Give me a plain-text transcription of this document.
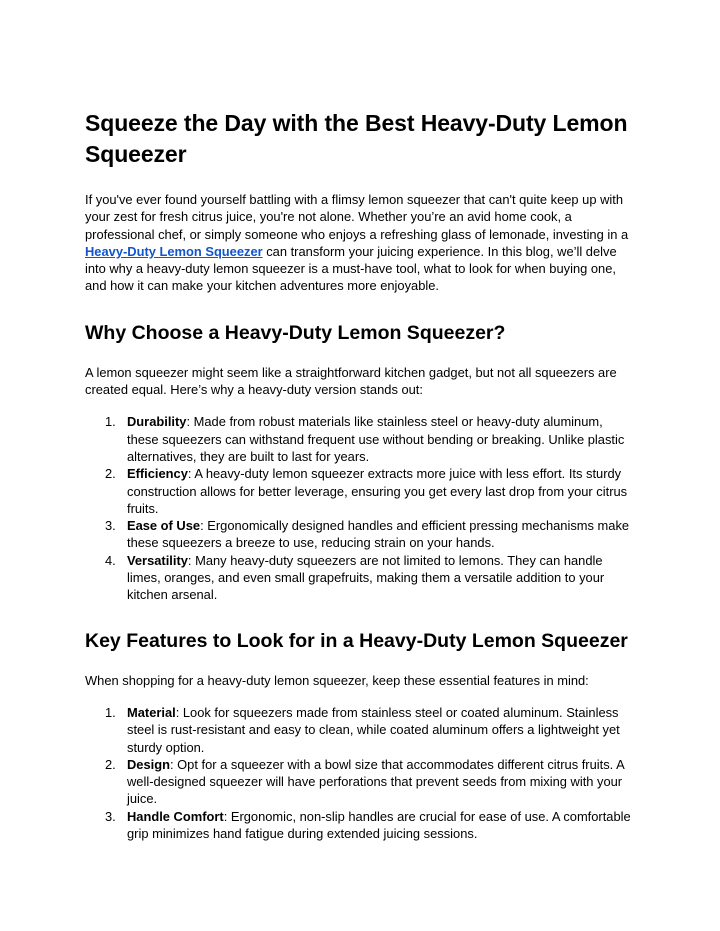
Squeeze the Day with the Best Heavy-Duty Lemon Squeezer

If you've ever found yourself battling with a flimsy lemon squeezer that can't quite keep up with your zest for fresh citrus juice, you're not alone. Whether you’re an avid home cook, a professional chef, or simply someone who enjoys a refreshing glass of lemonade, investing in a Heavy-Duty Lemon Squeezer can transform your juicing experience. In this blog, we’ll delve into why a heavy-duty lemon squeezer is a must-have tool, what to look for when buying one, and how it can make your kitchen adventures more enjoyable.

Why Choose a Heavy-Duty Lemon Squeezer?

A lemon squeezer might seem like a straightforward kitchen gadget, but not all squeezers are created equal. Here’s why a heavy-duty version stands out:

1. Durability: Made from robust materials like stainless steel or heavy-duty aluminum, these squeezers can withstand frequent use without bending or breaking. Unlike plastic alternatives, they are built to last for years.
2. Efficiency: A heavy-duty lemon squeezer extracts more juice with less effort. Its sturdy construction allows for better leverage, ensuring you get every last drop from your citrus fruits.
3. Ease of Use: Ergonomically designed handles and efficient pressing mechanisms make these squeezers a breeze to use, reducing strain on your hands.
4. Versatility: Many heavy-duty squeezers are not limited to lemons. They can handle limes, oranges, and even small grapefruits, making them a versatile addition to your kitchen arsenal.
Key Features to Look for in a Heavy-Duty Lemon Squeezer

When shopping for a heavy-duty lemon squeezer, keep these essential features in mind:

1. Material: Look for squeezers made from stainless steel or coated aluminum. Stainless steel is rust-resistant and easy to clean, while coated aluminum offers a lightweight yet sturdy option.
2. Design: Opt for a squeezer with a bowl size that accommodates different citrus fruits. A well-designed squeezer will have perforations that prevent seeds from mixing with your juice.
3. Handle Comfort: Ergonomic, non-slip handles are crucial for ease of use. A comfortable grip minimizes hand fatigue during extended juicing sessions.
